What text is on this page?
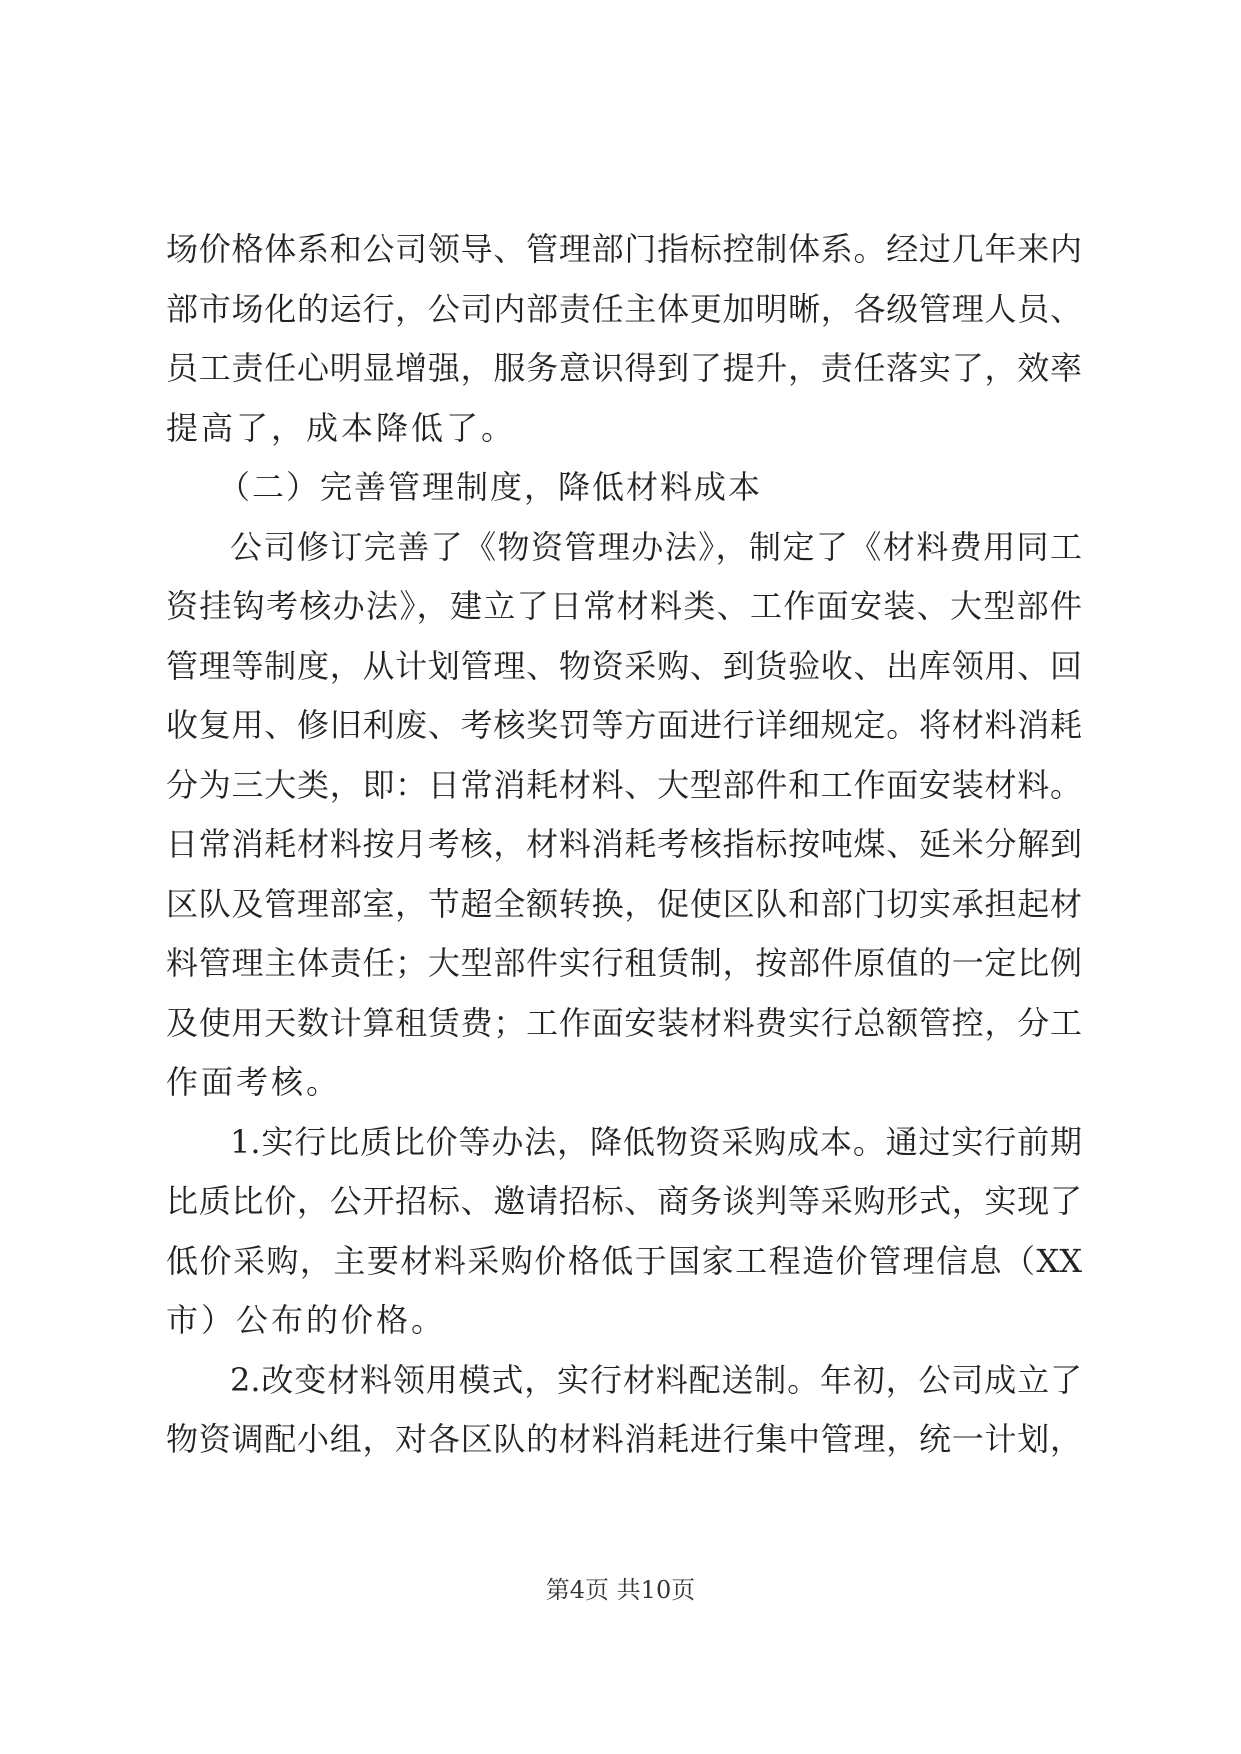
场价格体系和公司领导、管理部门指标控制体系。经过几年来内
部市场化的运行，公司内部责任主体更加明晰，各级管理人员、
员工责任心明显增强，服务意识得到了提升，责任落实了，效率
提高了，成本降低了。
（二）完善管理制度，降低材料成本
公司修订完善了《物资管理办法》，制定了《材料费用同工
资挂钩考核办法》，建立了日常材料类、工作面安装、大型部件
管理等制度，从计划管理、物资采购、到货验收、出库领用、回
收复用、修旧利废、考核奖罚等方面进行详细规定。将材料消耗
分为三大类，即：日常消耗材料、大型部件和工作面安装材料。
日常消耗材料按月考核，材料消耗考核指标按吨煤、延米分解到
区队及管理部室，节超全额转换，促使区队和部门切实承担起材
料管理主体责任；大型部件实行租赁制，按部件原值的一定比例
及使用天数计算租赁费；工作面安装材料费实行总额管控，分工
作面考核。
1.实行比质比价等办法，降低物资采购成本。通过实行前期
比质比价，公开招标、邀请招标、商务谈判等采购形式，实现了
低价采购，主要材料采购价格低于国家工程造价管理信息（XX
市）公布的价格。
2.改变材料领用模式，实行材料配送制。年初，公司成立了
物资调配小组，对各区队的材料消耗进行集中管理，统一计划，
第4页 共10页
